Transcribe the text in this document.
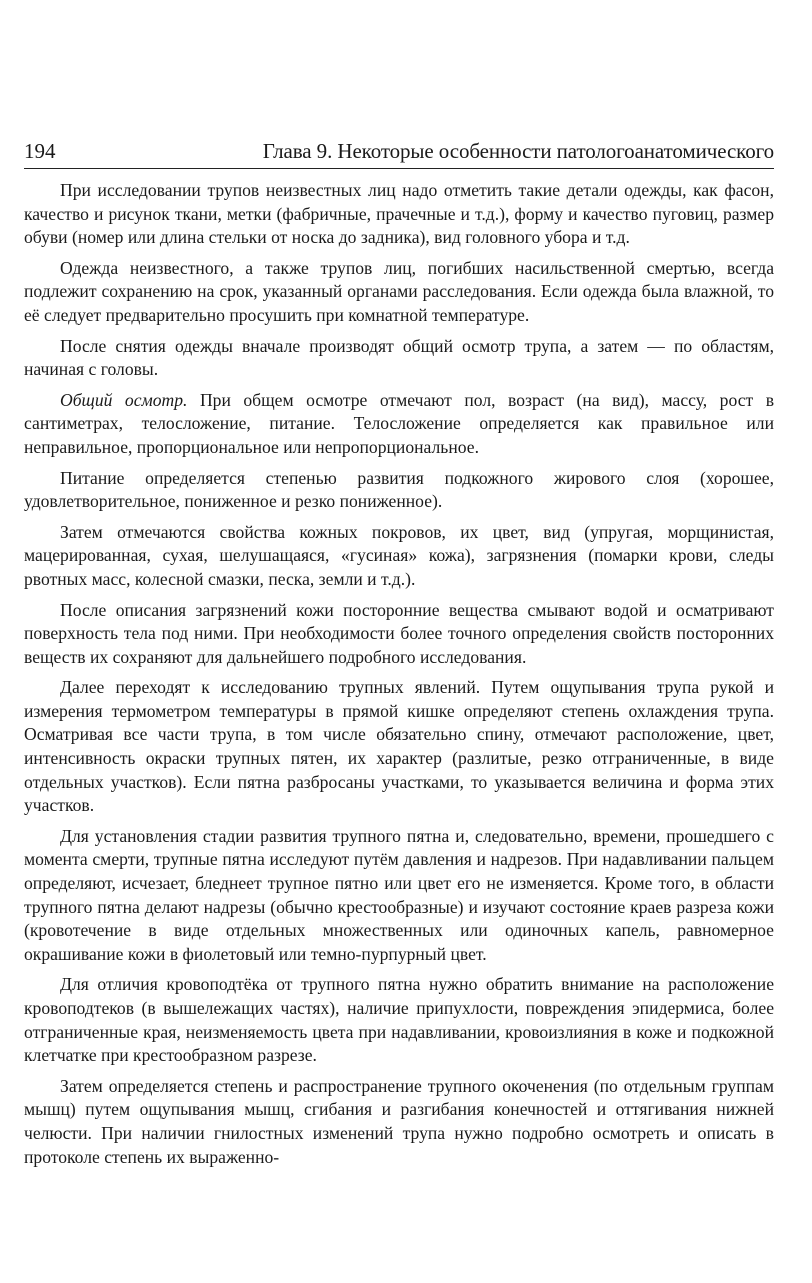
194	Глава 9. Некоторые особенности патологоанатомического

При исследовании трупов неизвестных лиц надо отметить такие детали одежды, как фасон, качество и рисунок ткани, метки (фабричные, прачечные и т.д.), форму и качество пуговиц, размер обуви (номер или длина стельки от носка до задника), вид головного убора и т.д.

Одежда неизвестного, а также трупов лиц, погибших насильственной смертью, всегда подлежит сохранению на срок, указанный органами расследования. Если одежда была влажной, то её следует предварительно просушить при комнатной температуре.

После снятия одежды вначале производят общий осмотр трупа, а затем — по областям, начиная с головы.

Общий осмотр. При общем осмотре отмечают пол, возраст (на вид), массу, рост в сантиметрах, телосложение, питание. Телосложение определяется как правильное или неправильное, пропорциональное или непропорциональное.

Питание определяется степенью развития подкожного жирового слоя (хорошее, удовлетворительное, пониженное и резко пониженное).

Затем отмечаются свойства кожных покровов, их цвет, вид (упругая, морщинистая, мацерированная, сухая, шелушащаяся, «гусиная» кожа), загрязнения (помарки крови, следы рвотных масс, колесной смазки, песка, земли и т.д.).

После описания загрязнений кожи посторонние вещества смывают водой и осматривают поверхность тела под ними. При необходимости более точного определения свойств посторонних веществ их сохраняют для дальнейшего подробного исследования.

Далее переходят к исследованию трупных явлений. Путем ощупывания трупа рукой и измерения термометром температуры в прямой кишке определяют степень охлаждения трупа. Осматривая все части трупа, в том числе обязательно спину, отмечают расположение, цвет, интенсивность окраски трупных пятен, их характер (разлитые, резко отграниченные, в виде отдельных участков). Если пятна разбросаны участками, то указывается величина и форма этих участков.

Для установления стадии развития трупного пятна и, следовательно, времени, прошедшего с момента смерти, трупные пятна исследуют путём давления и надрезов. При надавливании пальцем определяют, исчезает, бледнеет трупное пятно или цвет его не изменяется. Кроме того, в области трупного пятна делают надрезы (обычно крестообразные) и изучают состояние краев разреза кожи (кровотечение в виде отдельных множественных или одиночных капель, равномерное окрашивание кожи в фиолетовый или темно-пурпурный цвет.

Для отличия кровоподтёка от трупного пятна нужно обратить внимание на расположение кровоподтеков (в вышележащих частях), наличие припухлости, повреждения эпидермиса, более отграниченные края, неизменяемость цвета при надавливании, кровоизлияния в коже и подкожной клетчатке при крестообразном разрезе.

Затем определяется степень и распространение трупного окоченения (по отдельным группам мышц) путем ощупывания мышц, сгибания и разгибания конечностей и оттягивания нижней челюсти. При наличии гнилостных изменений трупа нужно подробно осмотреть и описать в протоколе степень их выраженно-
